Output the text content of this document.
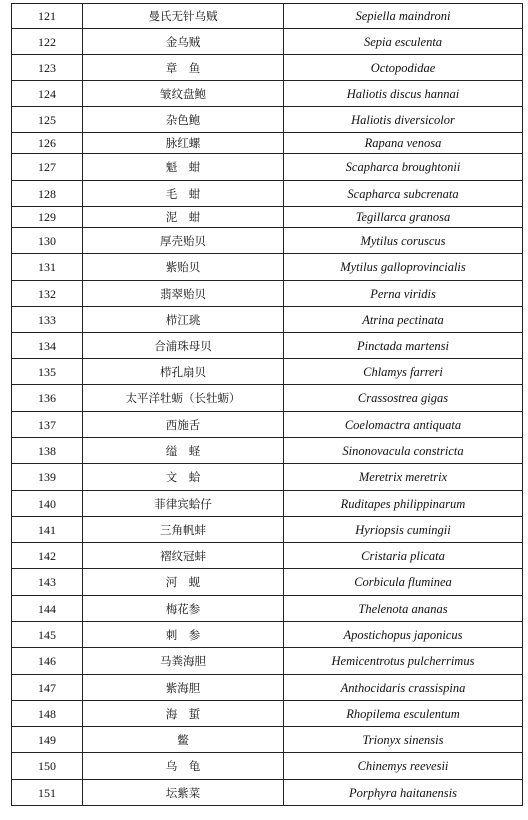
121	曼氏无针乌贼	Sepiella maindroni
122	金乌贼	Sepia esculenta
123	章　鱼	Octopodidae
124	皱纹盘鲍	Haliotis discus hannai
125	杂色鲍	Haliotis diversicolor
126	脉红螺	Rapana venosa
127	魁　蚶	Scapharca broughtonii
128	毛　蚶	Scapharca subcrenata
129	泥　蚶	Tegillarca granosa
130	厚壳贻贝	Mytilus coruscus
131	紫贻贝	Mytilus galloprovincialis
132	翡翠贻贝	Perna viridis
133	栉江珧	Atrina pectinata
134	合浦珠母贝	Pinctada martensi
135	栉孔扇贝	Chlamys farreri
136	太平洋牡蛎（长牡蛎）	Crassostrea gigas
137	西施舌	Coelomactra antiquata
138	缢　蛏	Sinonovacula constricta
139	文　蛤	Meretrix meretrix
140	菲律宾蛤仔	Ruditapes philippinarum
141	三角帆蚌	Hyriopsis cumingii
142	褶纹冠蚌	Cristaria plicata
143	河　蚬	Corbicula fluminea
144	梅花参	Thelenota ananas
145	刺　参	Apostichopus japonicus
146	马粪海胆	Hemicentrotus pulcherrimus
147	紫海胆	Anthocidaris crassispina
148	海　蜇	Rhopilema esculentum
149	鳖	Trionyx sinensis
150	乌　龟	Chinemys reevesii
151	坛紫菜	Porphyra haitanensis
